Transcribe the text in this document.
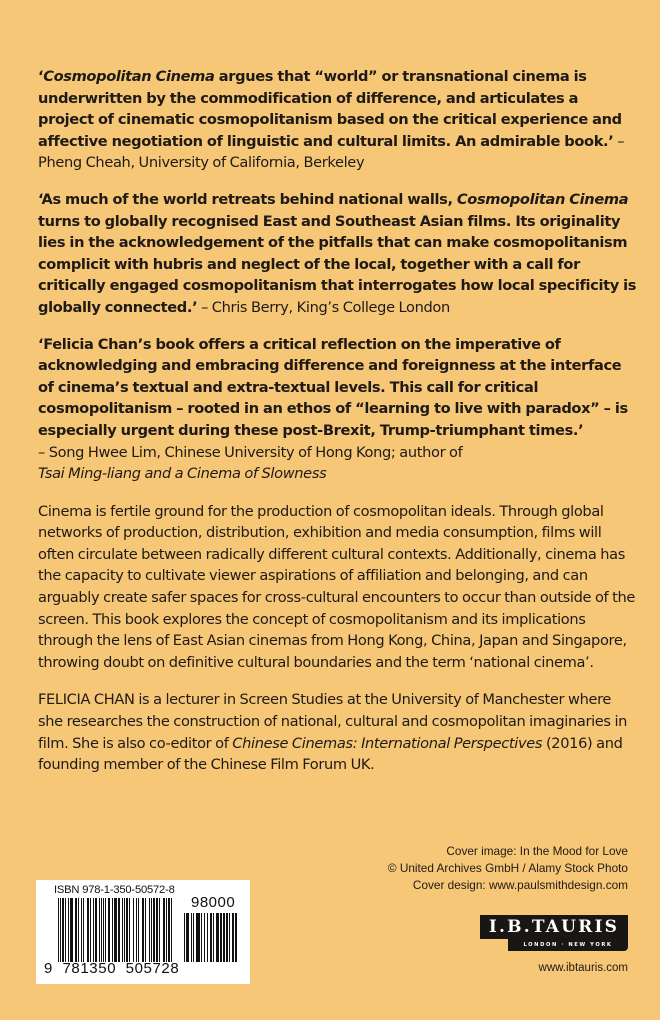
‘Cosmopolitan Cinema argues that “world” or transnational cinema is underwritten by the commodification of difference, and articulates a project of cinematic cosmopolitanism based on the critical experience and affective negotiation of linguistic and cultural limits. An admirable book.’ – Pheng Cheah, University of California, Berkeley

‘As much of the world retreats behind national walls, Cosmopolitan Cinema turns to globally recognised East and Southeast Asian films. Its originality lies in the acknowledgement of the pitfalls that can make cosmopolitanism complicit with hubris and neglect of the local, together with a call for critically engaged cosmopolitanism that interrogates how local specificity is globally connected.’ – Chris Berry, King’s College London

‘Felicia Chan’s book offers a critical reflection on the imperative of acknowledging and embracing difference and foreignness at the interface of cinema’s textual and extra-textual levels. This call for critical cosmopolitanism – rooted in an ethos of “learning to live with paradox” – is especially urgent during these post-Brexit, Trump-triumphant times.’
– Song Hwee Lim, Chinese University of Hong Kong; author of
Tsai Ming-liang and a Cinema of Slowness

Cinema is fertile ground for the production of cosmopolitan ideals. Through global networks of production, distribution, exhibition and media consumption, films will often circulate between radically different cultural contexts. Additionally, cinema has the capacity to cultivate viewer aspirations of affiliation and belonging, and can arguably create safer spaces for cross-cultural encounters to occur than outside of the screen. This book explores the concept of cosmopolitanism and its implications through the lens of East Asian cinemas from Hong Kong, China, Japan and Singapore, throwing doubt on definitive cultural boundaries and the term ‘national cinema’.

FELICIA CHAN is a lecturer in Screen Studies at the University of Manchester where she researches the construction of national, cultural and cosmopolitan imaginaries in film. She is also co-editor of Chinese Cinemas: International Perspectives (2016) and founding member of the Chinese Film Forum UK.

Cover image: In the Mood for Love
© United Archives GmbH / Alamy Stock Photo
Cover design: www.paulsmithdesign.com
ISBN 978-1-350-50572-8
98000
9  781350  505728
I.B.TAURIS
LONDON · NEW YORK
www.ibtauris.com
